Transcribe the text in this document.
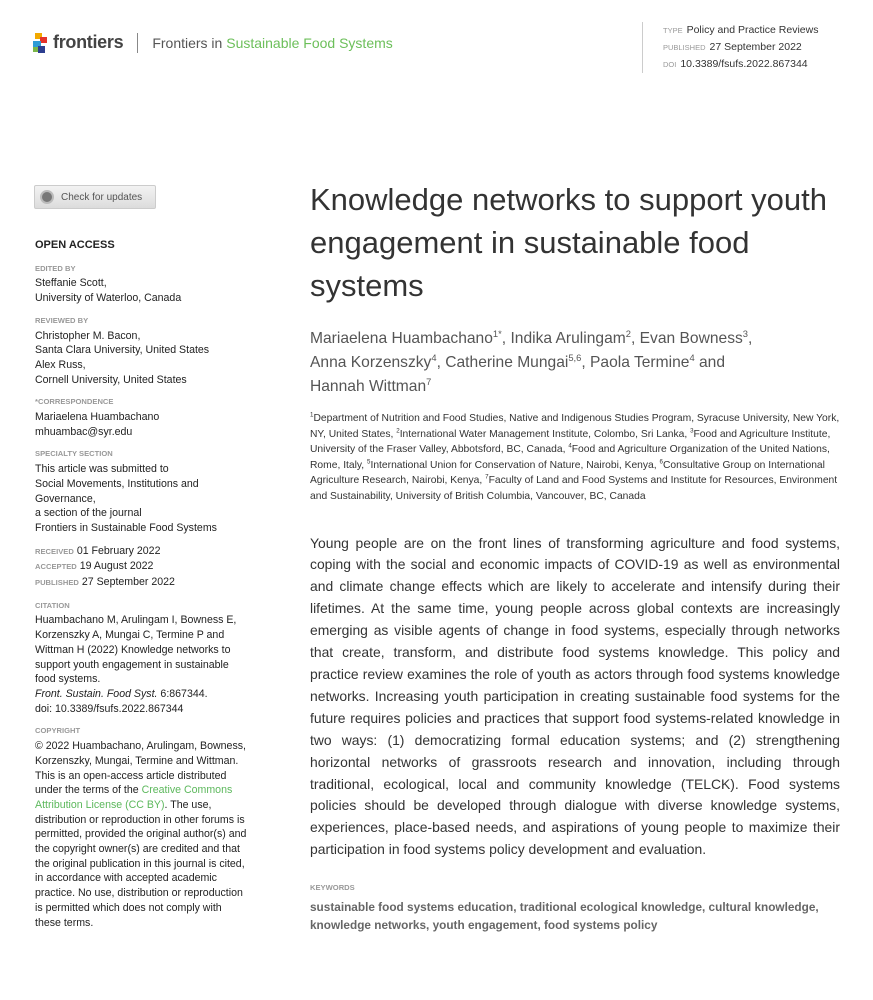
frontiers Frontiers in Sustainable Food Systems
TYPE Policy and Practice Reviews
PUBLISHED 27 September 2022
DOI 10.3389/fsufs.2022.867344
Check for updates
OPEN ACCESS
EDITED BY
Steffanie Scott,
University of Waterloo, Canada
REVIEWED BY
Christopher M. Bacon,
Santa Clara University, United States
Alex Russ,
Cornell University, United States
*CORRESPONDENCE
Mariaelena Huambachano
mhuambac@syr.edu
SPECIALTY SECTION
This article was submitted to
Social Movements, Institutions and Governance,
a section of the journal
Frontiers in Sustainable Food Systems
RECEIVED 01 February 2022
ACCEPTED 19 August 2022
PUBLISHED 27 September 2022
CITATION
Huambachano M, Arulingam I, Bowness E, Korzenszky A, Mungai C, Termine P and Wittman H (2022) Knowledge networks to support youth engagement in sustainable food systems.
Front. Sustain. Food Syst. 6:867344.
doi: 10.3389/fsufs.2022.867344
COPYRIGHT
© 2022 Huambachano, Arulingam, Bowness, Korzenszky, Mungai, Termine and Wittman. This is an open-access article distributed under the terms of the Creative Commons Attribution License (CC BY). The use, distribution or reproduction in other forums is permitted, provided the original author(s) and the copyright owner(s) are credited and that the original publication in this journal is cited, in accordance with accepted academic practice. No use, distribution or reproduction is permitted which does not comply with these terms.
Knowledge networks to support youth engagement in sustainable food systems
Mariaelena Huambachano$^{1*}$, Indika Arulingam$^2$, Evan Bowness$^3$,
Anna Korzenszky$^4$, Catherine Mungai$^{5,6}$, Paola Termine$^4$ and
Hannah Wittman$^7$
$^1$Department of Nutrition and Food Studies, Native and Indigenous Studies Program, Syracuse University, New York, NY, United States, $^2$International Water Management Institute, Colombo, Sri Lanka, $^3$Food and Agriculture Institute, University of the Fraser Valley, Abbotsford, BC, Canada, $^4$Food and Agriculture Organization of the United Nations, Rome, Italy, $^5$International Union for Conservation of Nature, Nairobi, Kenya, $^6$Consultative Group on International Agriculture Research, Nairobi, Kenya, $^7$Faculty of Land and Food Systems and Institute for Resources, Environment and Sustainability, University of British Columbia, Vancouver, BC, Canada

Young people are on the front lines of transforming agriculture and food systems, coping with the social and economic impacts of COVID-19 as well as environmental and climate change effects which are likely to accelerate and intensify during their lifetimes. At the same time, young people across global contexts are increasingly emerging as visible agents of change in food systems, especially through networks that create, transform, and distribute food systems knowledge. This policy and practice review examines the role of youth as actors through food systems knowledge networks. Increasing youth participation in creating sustainable food systems for the future requires policies and practices that support food systems-related knowledge in two ways: (1) democratizing formal education systems; and (2) strengthening horizontal networks of grassroots research and innovation, including through traditional, ecological, local and community knowledge (TELCK). Food systems policies should be developed through dialogue with diverse knowledge systems, experiences, place-based needs, and aspirations of young people to maximize their participation in food systems policy development and evaluation.

KEYWORDS
sustainable food systems education, traditional ecological knowledge, cultural knowledge, knowledge networks, youth engagement, food systems policy
